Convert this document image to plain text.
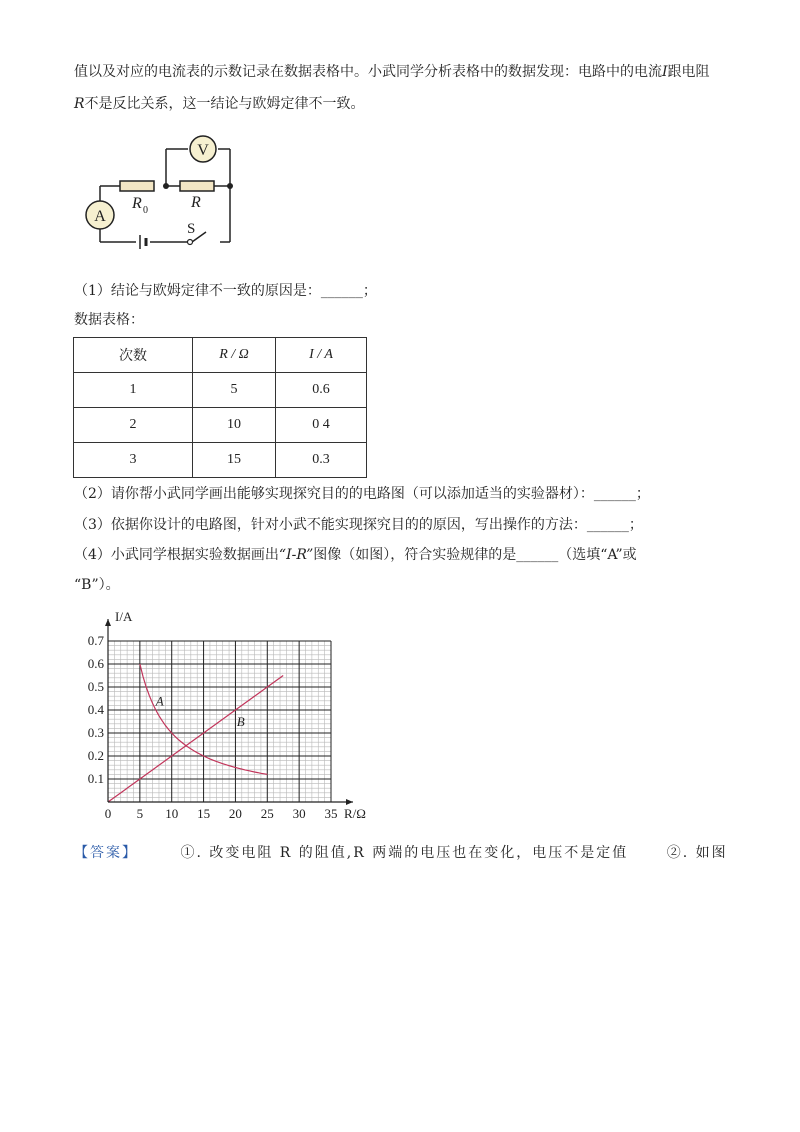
值以及对应的电流表的示数记录在数据表格中。小武同学分析表格中的数据发现：电路中的电流I跟电阻
R不是反比关系，这一结论与欧姆定律不一致。
V
A
R 0	R
S
（1）结论与欧姆定律不一致的原因是：______；
数据表格：
次数	R / Ω	I / A
1	5	0.6
2	10	0 4
3	15	0.3
（2）请你帮小武同学画出能够实现探究目的的电路图（可以添加适当的实验器材）：______；
（3）依据你设计的电路图，针对小武不能实现探究目的的原因，写出操作的方法：______；
（4）小武同学根据实验数据画出“I-R”图像（如图），符合实验规律的是______（选填“A”或
“B”）。
A
B
0 5 10 15 20 25 30 35
0.1
0.2
0.3
0.4
0.5
0.6
0.7
I/A
R/Ω
【答案】	①. 改变电阻 R 的阻值,R 两端的电压也在变化，电压不是定值	②. 如图
